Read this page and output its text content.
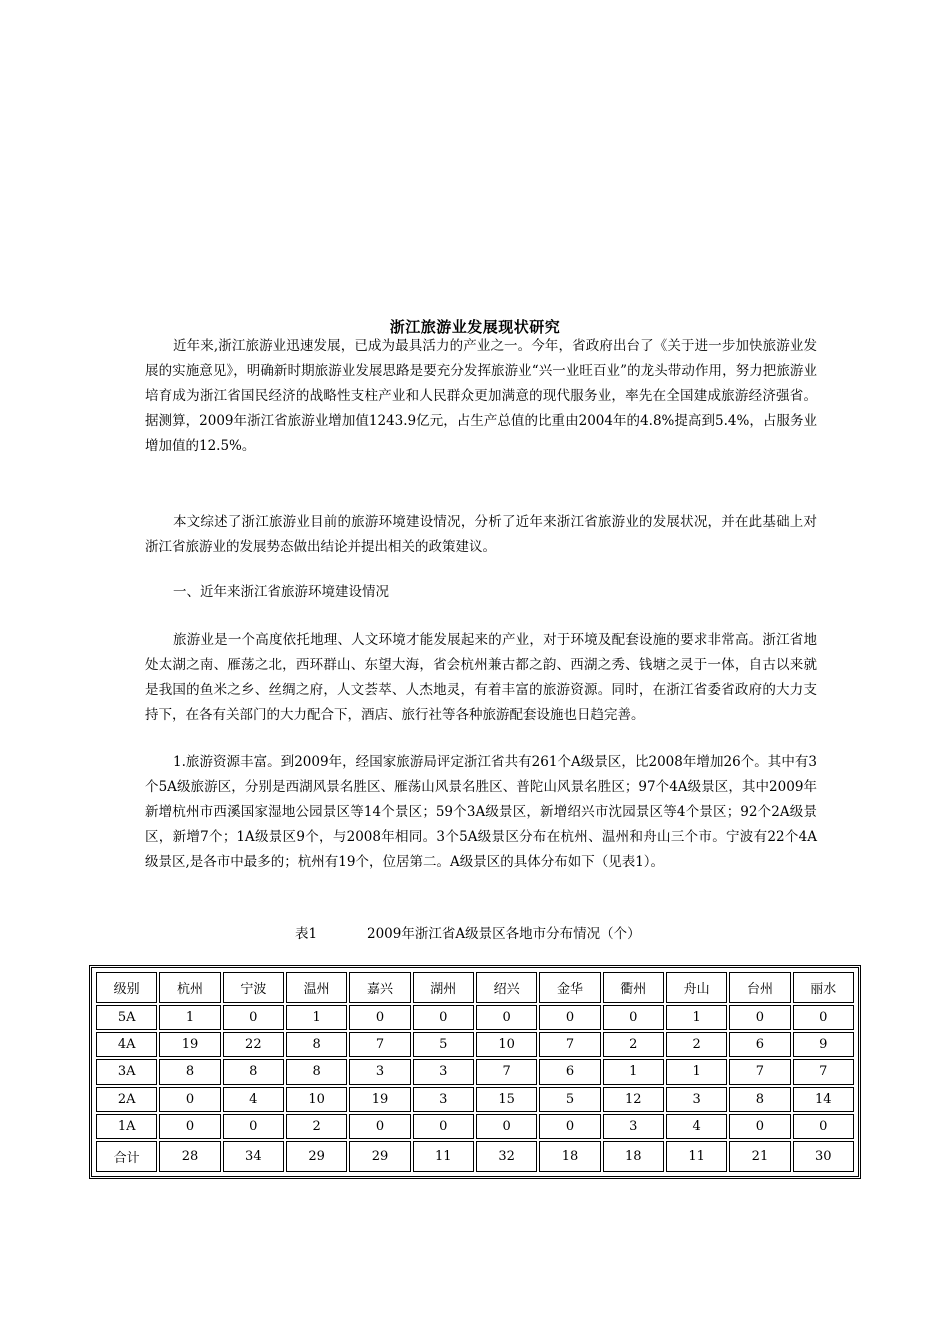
浙江旅游业发展现状研究

近年来,浙江旅游业迅速发展，已成为最具活力的产业之一。今年，省政府出台了《关于进一步加快旅游业发展的实施意见》，明确新时期旅游业发展思路是要充分发挥旅游业“兴一业旺百业”的龙头带动作用，努力把旅游业培育成为浙江省国民经济的战略性支柱产业和人民群众更加满意的现代服务业，率先在全国建成旅游经济强省。据测算，2009年浙江省旅游业增加值1243.9亿元，占生产总值的比重由2004年的4.8%提高到5.4%，占服务业增加值的12.5%。

本文综述了浙江旅游业目前的旅游环境建设情况，分析了近年来浙江省旅游业的发展状况，并在此基础上对浙江省旅游业的发展势态做出结论并提出相关的政策建议。

一、近年来浙江省旅游环境建设情况

旅游业是一个高度依托地理、人文环境才能发展起来的产业，对于环境及配套设施的要求非常高。浙江省地处太湖之南、雁荡之北，西环群山、东望大海，省会杭州兼古都之韵、西湖之秀、钱塘之灵于一体，自古以来就是我国的鱼米之乡、丝绸之府，人文荟萃、人杰地灵，有着丰富的旅游资源。同时，在浙江省委省政府的大力支持下，在各有关部门的大力配合下，酒店、旅行社等各种旅游配套设施也日趋完善。

1.旅游资源丰富。到2009年，经国家旅游局评定浙江省共有261个A级景区，比2008年增加26个。其中有3个5A级旅游区，分别是西湖风景名胜区、雁荡山风景名胜区、普陀山风景名胜区；97个4A级景区，其中2009年新增杭州市西溪国家湿地公园景区等14个景区；59个3A级景区，新增绍兴市沈园景区等4个景区；92个2A级景区，新增7个；1A级景区9个，与2008年相同。3个5A级景区分布在杭州、温州和舟山三个市。宁波有22个4A级景区,是各市中最多的；杭州有19个，位居第二。A级景区的具体分布如下（见表1）。

表1	2009年浙江省A级景区各地市分布情况（个）
级别	杭州	宁波	温州	嘉兴	湖州	绍兴	金华	衢州	舟山	台州	丽水
5A	1	0	1	0	0	0	0	0	1	0	0
4A	19	22	8	7	5	10	7	2	2	6	9
3A	8	8	8	3	3	7	6	1	1	7	7
2A	0	4	10	19	3	15	5	12	3	8	14
1A	0	0	2	0	0	0	0	3	4	0	0
合计	28	34	29	29	11	32	18	18	11	21	30
